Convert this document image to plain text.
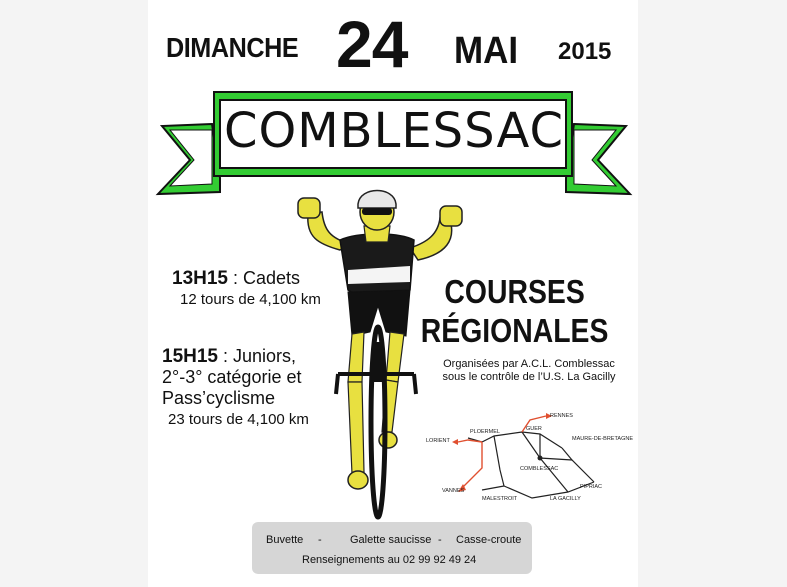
DIMANCHE 24 MAI 2015
COMBLESSAC
13H15 : Cadets
12 tours de 4,100 km
15H15 : Juniors,
2°-3° catégorie et
Pass’cyclisme
23 tours de 4,100 km
COURSES
RÉGIONALES
Organisées par A.C.L. Comblessac
sous le contrôle de l’U.S. La Gacilly
RENNES
LORIENT
PLOERMEL	GUER
MAURE-DE-BRETAGNE
COMBLESSAC
VANNES
MALESTROIT	LA GACILLY
PIPRIAC
Buvette -	Galette saucisse - Casse-croute
Renseignements au 02 99 92 49 24
